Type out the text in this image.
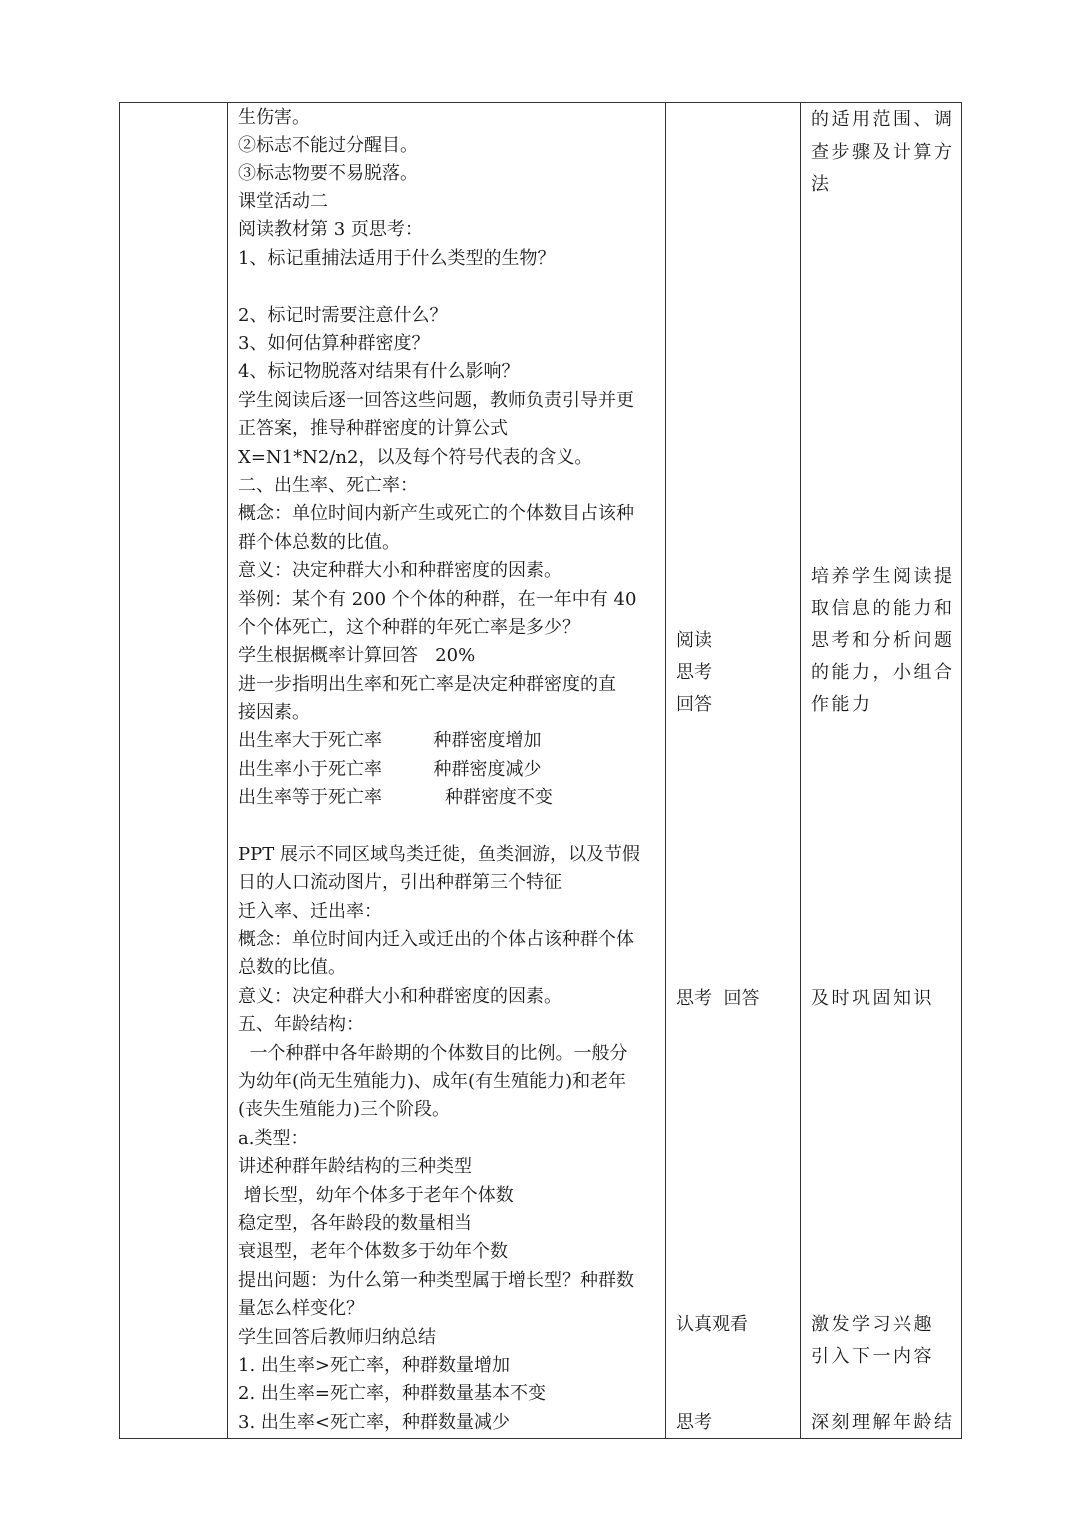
生伤害。
②标志不能过分醒目。
③标志物要不易脱落。
课堂活动二
阅读教材第 3 页思考：
1、标记重捕法适用于什么类型的生物？
2、标记时需要注意什么？
3、如何估算种群密度？
4、标记物脱落对结果有什么影响？
学生阅读后逐一回答这些问题，教师负责引导并更
正答案，推导种群密度的计算公式
X=N1*N2/n2，以及每个符号代表的含义。
二、出生率、死亡率：
概念：单位时间内新产生或死亡的个体数目占该种
群个体总数的比值。
意义：决定种群大小和种群密度的因素。
举例：某个有 200 个个体的种群，在一年中有 40
个个体死亡，这个种群的年死亡率是多少？
学生根据概率计算回答   20%
进一步指明出生率和死亡率是决定种群密度的直
接因素。
出生率大于死亡率         种群密度增加
出生率小于死亡率         种群密度减少
出生率等于死亡率           种群密度不变
PPT 展示不同区域鸟类迁徙，鱼类洄游，以及节假
日的人口流动图片，引出种群第三个特征
迁入率、迁出率：
概念：单位时间内迁入或迁出的个体占该种群个体
总数的比值。
意义：决定种群大小和种群密度的因素。
五、年龄结构：
一个种群中各年龄期的个体数目的比例。一般分
为幼年(尚无生殖能力)、成年(有生殖能力)和老年
(丧失生殖能力)三个阶段。
a.类型：
讲述种群年龄结构的三种类型
增长型，幼年个体多于老年个体数
稳定型，各年龄段的数量相当
衰退型，老年个体数多于幼年个数
提出问题：为什么第一种类型属于增长型？种群数
量怎么样变化？
学生回答后教师归纳总结
1. 出生率>死亡率，种群数量增加
2. 出生率=死亡率，种群数量基本不变
3. 出生率<死亡率，种群数量减少
阅读
思考
回答
思考  回答
认真观看
思考
的适用范围、调
查步骤及计算方
法
培养学生阅读提
取信息的能力和
思考和分析问题
的能力，小组合
作能力
及时巩固知识
激发学习兴趣
引入下一内容
深刻理解年龄结
